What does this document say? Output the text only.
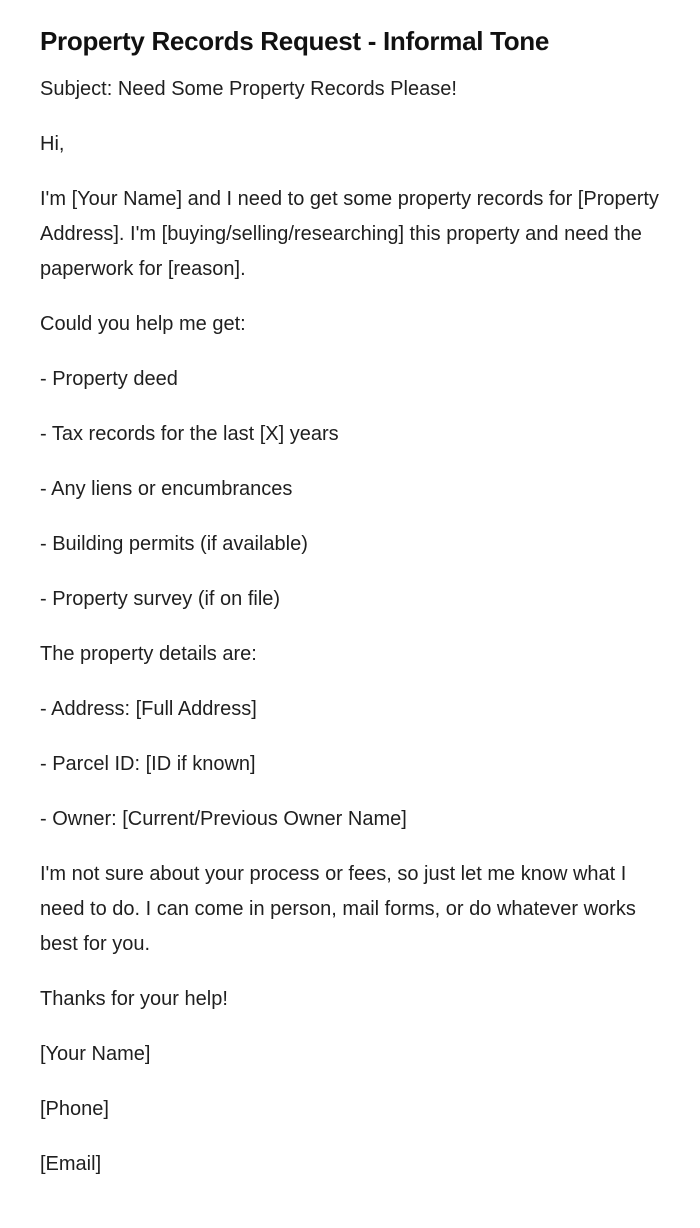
Property Records Request - Informal Tone

Subject: Need Some Property Records Please!

Hi,

I'm [Your Name] and I need to get some property records for [Property Address]. I'm [buying/selling/researching] this property and need the paperwork for [reason].

Could you help me get:

- Property deed

- Tax records for the last [X] years

- Any liens or encumbrances

- Building permits (if available)

- Property survey (if on file)

The property details are:

- Address: [Full Address]

- Parcel ID: [ID if known]

- Owner: [Current/Previous Owner Name]

I'm not sure about your process or fees, so just let me know what I need to do. I can come in person, mail forms, or do whatever works best for you.

Thanks for your help!

[Your Name]

[Phone]

[Email]
